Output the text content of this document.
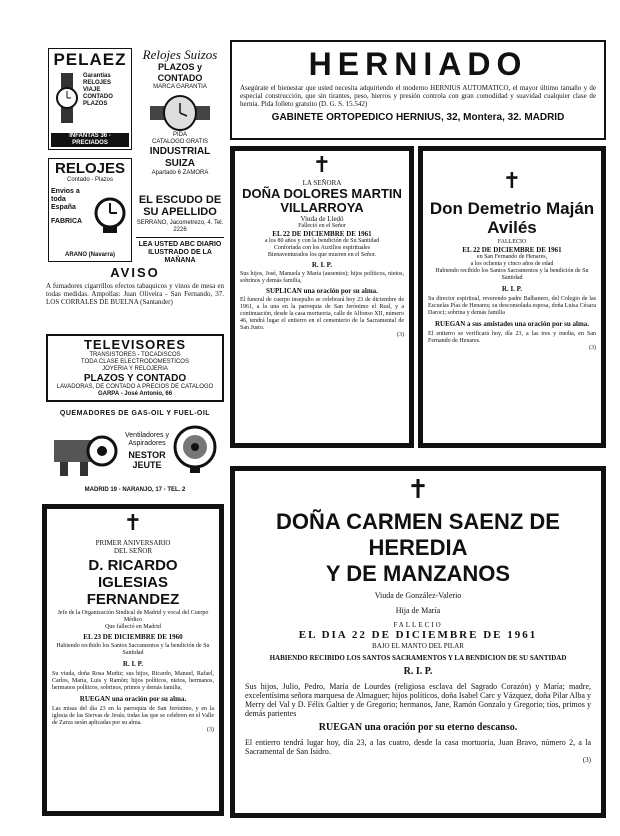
PELAEZ

Garantías

RELOJES

VIAJE

CONTADO

PLAZOS

INFANTAS 36 - PRECIADOS
Relojes Suizos
PLAZOS y CONTADO
MARCA GARANTIA

PIDA

CATALOGO GRATIS

INDUSTRIAL SUIZA
Apartado 6 ZAMORA
RELOJES
Contado - Plazos
Envios a toda España
FABRICA
ARANO (Navarra)
EL ESCUDO DE SU APELLIDO
SERRANO, Jacometrezo, 4. Tel. 2226
LEA USTED ABC DIARIO ILUSTRADO DE LA MAÑANA
AVISO
A fumadores cigarrillos efectos tabaquicos y vinos de mesa en todas medidas. Ampollas: Juan Oliveira - San Fernando, 37. LOS CORRALES DE BUELNA (Santander)
TELEVISORES
TRANSISTORES - TOCADISCOS
TODA CLASE ELECTRODOMESTICOS
JOYERIA Y RELOJERIA
PLAZOS Y CONTADO
LAVADORAS, DE CONTADO A PRECIOS DE CATALOGO
GARPA - José Antonio, 66
QUEMADORES DE GAS-OIL Y FUEL-OIL
Ventiladores y Aspiradores
NESTOR JEUTE
MADRID 19 - NARANJO, 17 - TEL. 2
✝
PRIMER ANIVERSARIO
DEL SEÑOR
D. RICARDO IGLESIAS FERNANDEZ
Jefe de la Organización Sindical de Madrid y vocal del Cuerpo Médico
Que falleció en Madrid
EL 23 DE DICIEMBRE DE 1960
Habiendo recibido los Santos Sacramentos y la bendición de Su Santidad
R. I. P.
Su viuda, doña Rosa Muñiz; sus hijos, Ricardo, Manuel, Rafael, Carlos, María, Luis y Ramón; hijos políticos, nietos, hermanos, hermanos políticos, sobrinos, primos y demás familia,
RUEGAN una oración por su alma.
Las misas del día 23 en la parroquia de San Jerónimo, y en la iglesia de las Siervas de Jesús; todas las que se celebren en el Valle de Zarza serán aplicadas por su alma.
(3)
HERNIADO
Asegúrate el bienestar que usted necesita adquiriendo el moderno HERNIUS AUTOMATICO, el mayor último tamaño y de especial construcción, que sin tirantes, peso, hierros y presión controla con gran comodidad y suavidad cualquier clase de hernia. Pida folleto gratuito (D. G. S. 15.542)
GABINETE ORTOPEDICO HERNIUS, 32, Montera, 32. MADRID
✝
LA SEÑORA
DOÑA DOLORES MARTIN VILLARROYA
Viuda de Lledó
Falleció en el Señor
EL 22 DE DICIEMBRE DE 1961
a los 80 años y con la bendición de Su Santidad
Confortada con los Auxilios espirituales
Bienaventurados los que mueren en el Señor.
R. I. P.
Sus hijos, José, Manuela y María (ausentes); hijos políticos, nietos, sobrinos y demás familia,
SUPLICAN una oración por su alma.
El funeral de cuerpo insepulto se celebrará hoy 23 de diciembre de 1961, a la una en la parroquia de San Jerónimo el Real, y a continuación, desde la casa mortuoria, calle de Alfonso XII, número 46, tendrá lugar el entierro en el cementerio de la Sacramental de San Justo.
(3)
✝
Don Demetrio Maján Avilés
FALLECIO
EL 22 DE DICIEMBRE DE 1961
en San Fernando de Henares,
a los ochenta y cinco años de edad
Habiendo recibido los Santos Sacramentos y la bendición de Su Santidad
R. I. P.
Su director espiritual, reverendo padre Balbanero, del Colegio de las Escuelas Pías de Henares; su desconsolada esposa, doña Luisa Césara Daroci; sobrina y demás familia
RUEGAN a sus amistades una oración por su alma.
El entierro se verificará hoy, día 23, a las tres y media, en San Fernando de Henares.
(3)
✝
DOÑA CARMEN SAENZ DE HEREDIA
Y DE MANZANOS
Viuda de González-Valerio
Hija de María
FALLECIO
EL DIA 22 DE DICIEMBRE DE 1961
BAJO EL MANTO DEL PILAR
HABIENDO RECIBIDO LOS SANTOS SACRAMENTOS Y LA BENDICION DE SU SANTIDAD
R. I. P.
Sus hijos, Julio, Pedro, María de Lourdes (religiosa esclava del Sagrado Corazón) y María; madre, excelentísima señora marquesa de Almaguer; hijos políticos, doña Isabel Carc y Vázquez, doña Pilar Alba y Merry del Val y D. Félix Galtier y de Gregorio; hermanos, Jane, Ramón Gonzalo y Gregorio; tíos, primos y demás parientes
RUEGAN una oración por su eterno descanso.
El entierro tendrá lugar hoy, día 23, a las cuatro, desde la casa mortuoria, Juan Bravo, número 2, a la Sacramental de San Isidro.
(3)
